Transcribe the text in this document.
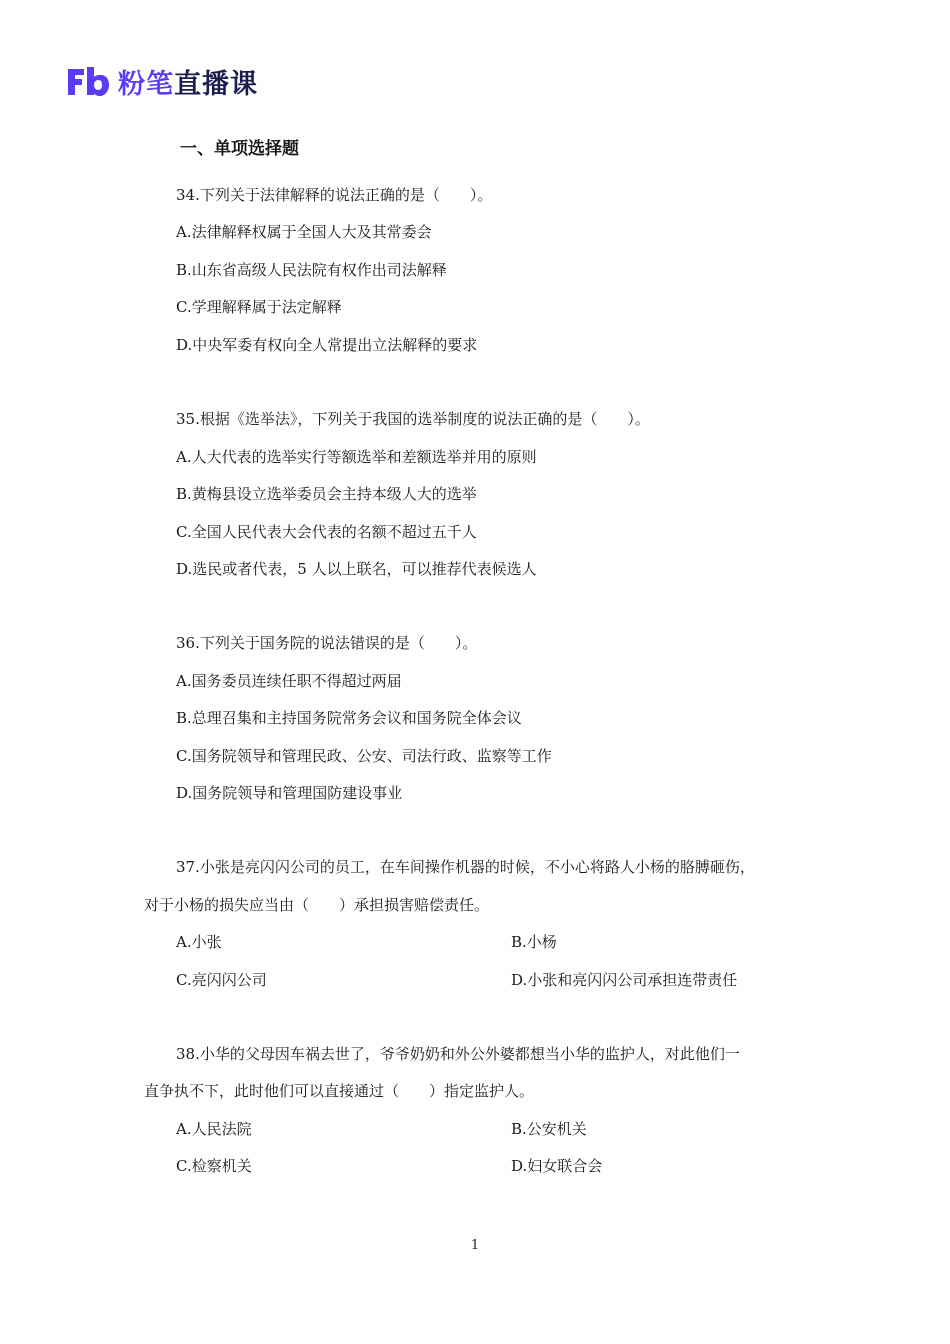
粉笔直播课
一、单项选择题
34.下列关于法律解释的说法正确的是（　　）。
A.法律解释权属于全国人大及其常委会
B.山东省高级人民法院有权作出司法解释
C.学理解释属于法定解释
D.中央军委有权向全人常提出立法解释的要求
35.根据《选举法》，下列关于我国的选举制度的说法正确的是（　　）。
A.人大代表的选举实行等额选举和差额选举并用的原则
B.黄梅县设立选举委员会主持本级人大的选举
C.全国人民代表大会代表的名额不超过五千人
D.选民或者代表，5 人以上联名，可以推荐代表候选人
36.下列关于国务院的说法错误的是（　　）。
A.国务委员连续任职不得超过两届
B.总理召集和主持国务院常务会议和国务院全体会议
C.国务院领导和管理民政、公安、司法行政、监察等工作
D.国务院领导和管理国防建设事业
37.小张是亮闪闪公司的员工，在车间操作机器的时候，不小心将路人小杨的胳膊砸伤，
对于小杨的损失应当由（　　）承担损害赔偿责任。
A.小张	B.小杨
C.亮闪闪公司	D.小张和亮闪闪公司承担连带责任
38.小华的父母因车祸去世了，爷爷奶奶和外公外婆都想当小华的监护人，对此他们一
直争执不下，此时他们可以直接通过（　　）指定监护人。
A.人民法院	B.公安机关
C.检察机关	D.妇女联合会
1
